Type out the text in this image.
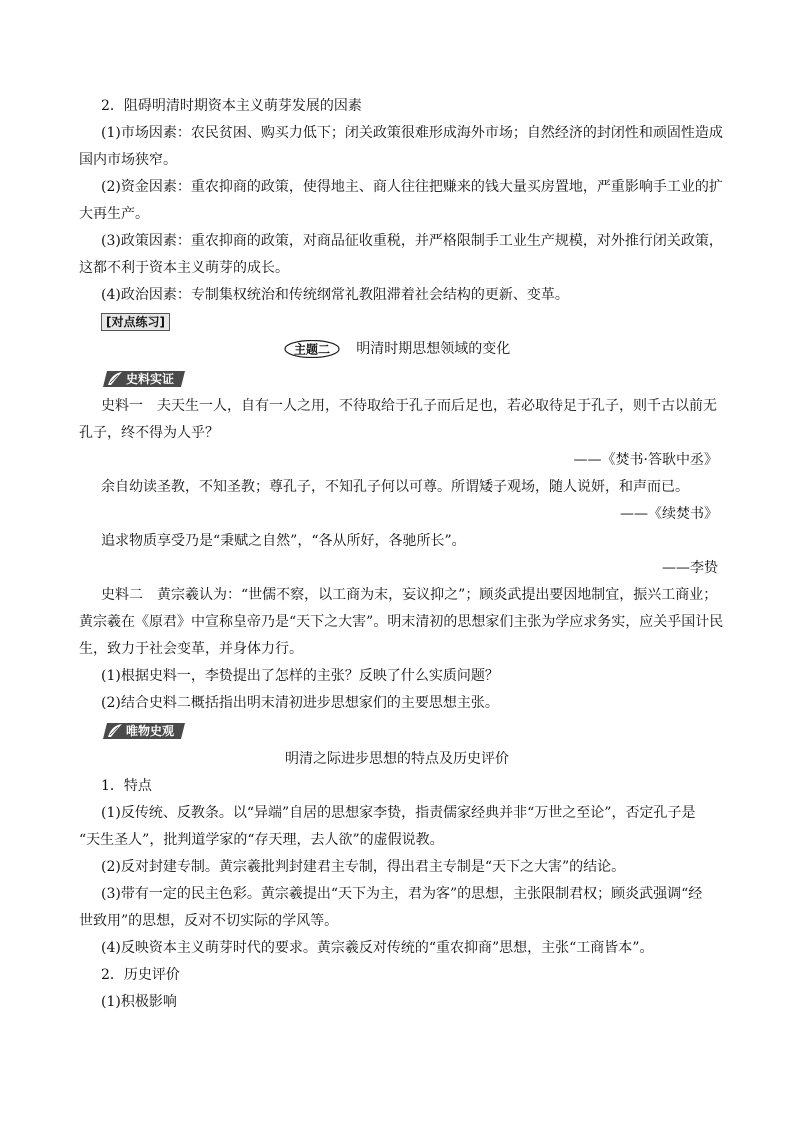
2．阻碍明清时期资本主义萌芽发展的因素
(1)市场因素：农民贫困、购买力低下；闭关政策很难形成海外市场；自然经济的封闭性和顽固性造成
国内市场狭窄。
(2)资金因素：重农抑商的政策，使得地主、商人往往把赚来的钱大量买房置地，严重影响手工业的扩
大再生产。
(3)政策因素：重农抑商的政策，对商品征收重税，并严格限制手工业生产规模，对外推行闭关政策，
这都不利于资本主义萌芽的成长。
(4)政治因素：专制集权统治和传统纲常礼教阻滞着社会结构的更新、变革。
[对点练习]
主题二 明清时期思想领域的变化
史料实证
史料一　夫天生一人，自有一人之用，不待取给于孔子而后足也，若必取待足于孔子，则千古以前无
孔子，终不得为人乎？
——《焚书·答耿中丞》
余自幼读圣教，不知圣教；尊孔子，不知孔子何以可尊。所谓矮子观场，随人说妍，和声而已。
——《续焚书》
追求物质享受乃是“秉赋之自然”，“各从所好，各驰所长”。
——李贽
史料二　黄宗羲认为：“世儒不察，以工商为末，妄议抑之”；顾炎武提出要因地制宜，振兴工商业；
黄宗羲在《原君》中宣称皇帝乃是“天下之大害”。明末清初的思想家们主张为学应求务实，应关乎国计民
生，致力于社会变革，并身体力行。
(1)根据史料一，李贽提出了怎样的主张？反映了什么实质问题？
(2)结合史料二概括指出明末清初进步思想家们的主要思想主张。
唯物史观
明清之际进步思想的特点及历史评价
1．特点
(1)反传统、反教条。以“异端”自居的思想家李贽，指责儒家经典并非“万世之至论”，否定孔子是
“天生圣人”，批判道学家的“存天理，去人欲”的虚假说教。
(2)反对封建专制。黄宗羲批判封建君主专制，得出君主专制是“天下之大害”的结论。
(3)带有一定的民主色彩。黄宗羲提出“天下为主，君为客”的思想，主张限制君权；顾炎武强调“经
世致用”的思想，反对不切实际的学风等。
(4)反映资本主义萌芽时代的要求。黄宗羲反对传统的“重农抑商”思想，主张“工商皆本”。
2．历史评价
(1)积极影响
